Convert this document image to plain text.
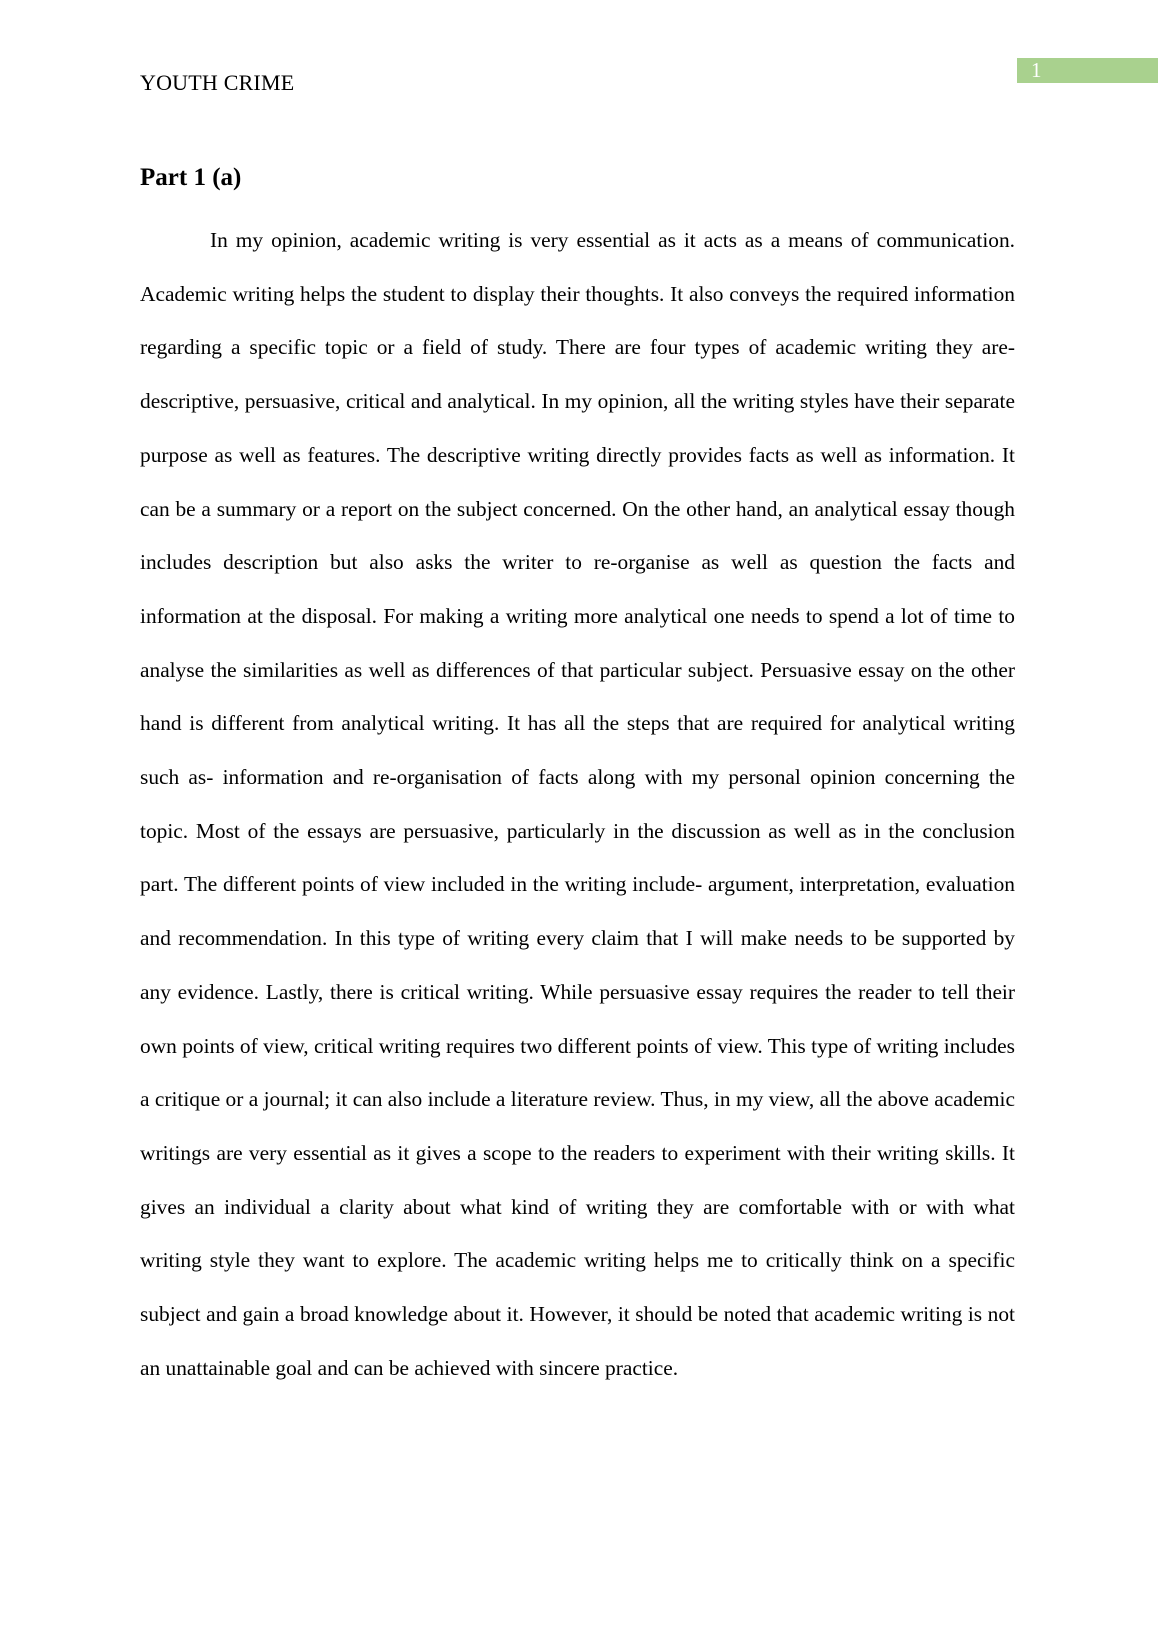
YOUTH CRIME	1
Part 1 (a)

In my opinion, academic writing is very essential as it acts as a means of communication. Academic writing helps the student to display their thoughts. It also conveys the required information regarding a specific topic or a field of study. There are four types of academic writing they are- descriptive, persuasive, critical and analytical. In my opinion, all the writing styles have their separate purpose as well as features. The descriptive writing directly provides facts as well as information. It can be a summary or a report on the subject concerned. On the other hand, an analytical essay though includes description but also asks the writer to re-organise as well as question the facts and information at the disposal. For making a writing more analytical one needs to spend a lot of time to analyse the similarities as well as differences of that particular subject. Persuasive essay on the other hand is different from analytical writing. It has all the steps that are required for analytical writing such as- information and re-organisation of facts along with my personal opinion concerning the topic. Most of the essays are persuasive, particularly in the discussion as well as in the conclusion part. The different points of view included in the writing include- argument, interpretation, evaluation and recommendation. In this type of writing every claim that I will make needs to be supported by any evidence. Lastly, there is critical writing. While persuasive essay requires the reader to tell their own points of view, critical writing requires two different points of view. This type of writing includes a critique or a journal; it can also include a literature review. Thus, in my view, all the above academic writings are very essential as it gives a scope to the readers to experiment with their writing skills. It gives an individual a clarity about what kind of writing they are comfortable with or with what writing style they want to explore. The academic writing helps me to critically think on a specific subject and gain a broad knowledge about it. However, it should be noted that academic writing is not an unattainable goal and can be achieved with sincere practice.
